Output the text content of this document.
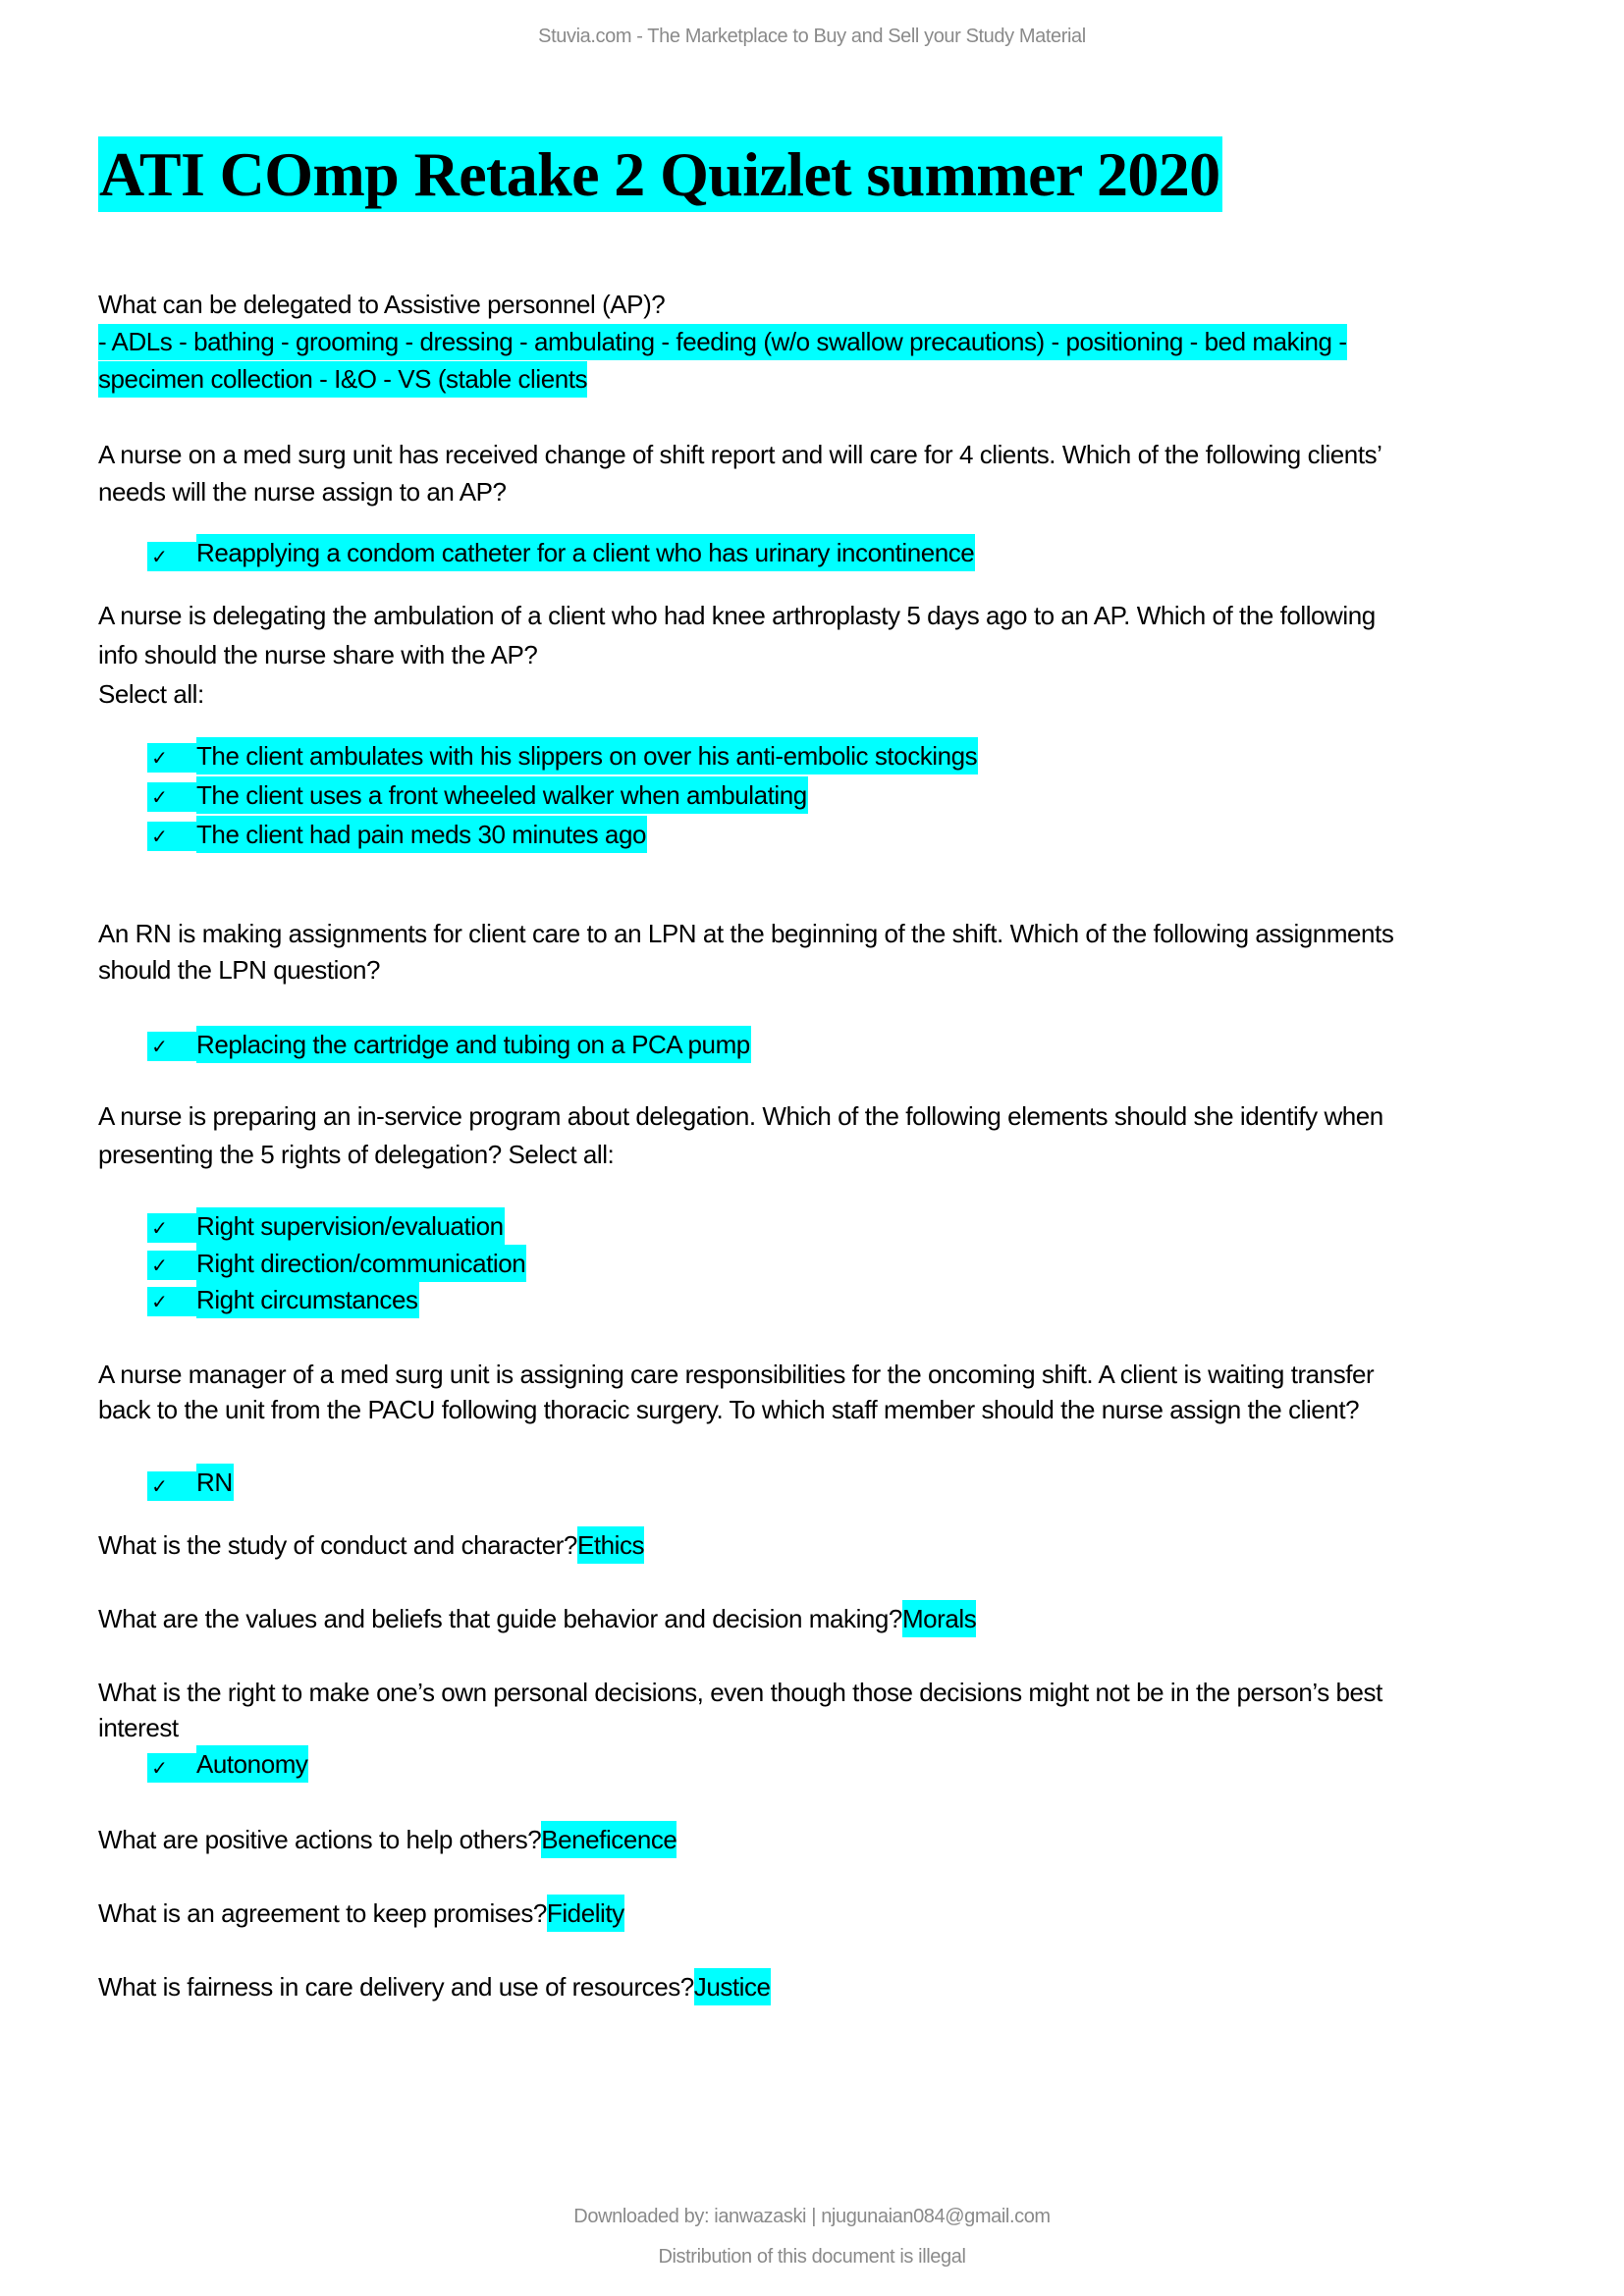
Stuvia.com - The Marketplace to Buy and Sell your Study Material
ATI COmp Retake 2 Quizlet summer 2020
What can be delegated to Assistive personnel (AP)?
- ADLs - bathing - grooming - dressing - ambulating - feeding (w/o swallow precautions) - positioning - bed making -
specimen collection - I&O - VS (stable clients
A nurse on a med surg unit has received change of shift report and will care for 4 clients. Which of the following clients’
needs will the nurse assign to an AP?
✓ Reapplying a condom catheter for a client who has urinary incontinence
A nurse is delegating the ambulation of a client who had knee arthroplasty 5 days ago to an AP. Which of the following
info should the nurse share with the AP?
Select all:
✓ The client ambulates with his slippers on over his anti-embolic stockings
✓ The client uses a front wheeled walker when ambulating
✓ The client had pain meds 30 minutes ago
An RN is making assignments for client care to an LPN at the beginning of the shift. Which of the following assignments
should the LPN question?
✓ Replacing the cartridge and tubing on a PCA pump
A nurse is preparing an in-service program about delegation. Which of the following elements should she identify when
presenting the 5 rights of delegation? Select all:
✓ Right supervision/evaluation
✓ Right direction/communication
✓ Right circumstances
A nurse manager of a med surg unit is assigning care responsibilities for the oncoming shift. A client is waiting transfer
back to the unit from the PACU following thoracic surgery. To which staff member should the nurse assign the client?
✓ RN
What is the study of conduct and character?Ethics
What are the values and beliefs that guide behavior and decision making?Morals
What is the right to make one’s own personal decisions, even though those decisions might not be in the person’s best
interest
✓ Autonomy
What are positive actions to help others?Beneficence
What is an agreement to keep promises?Fidelity
What is fairness in care delivery and use of resources?Justice
Downloaded by: ianwazaski | njugunaian084@gmail.com
Distribution of this document is illegal
